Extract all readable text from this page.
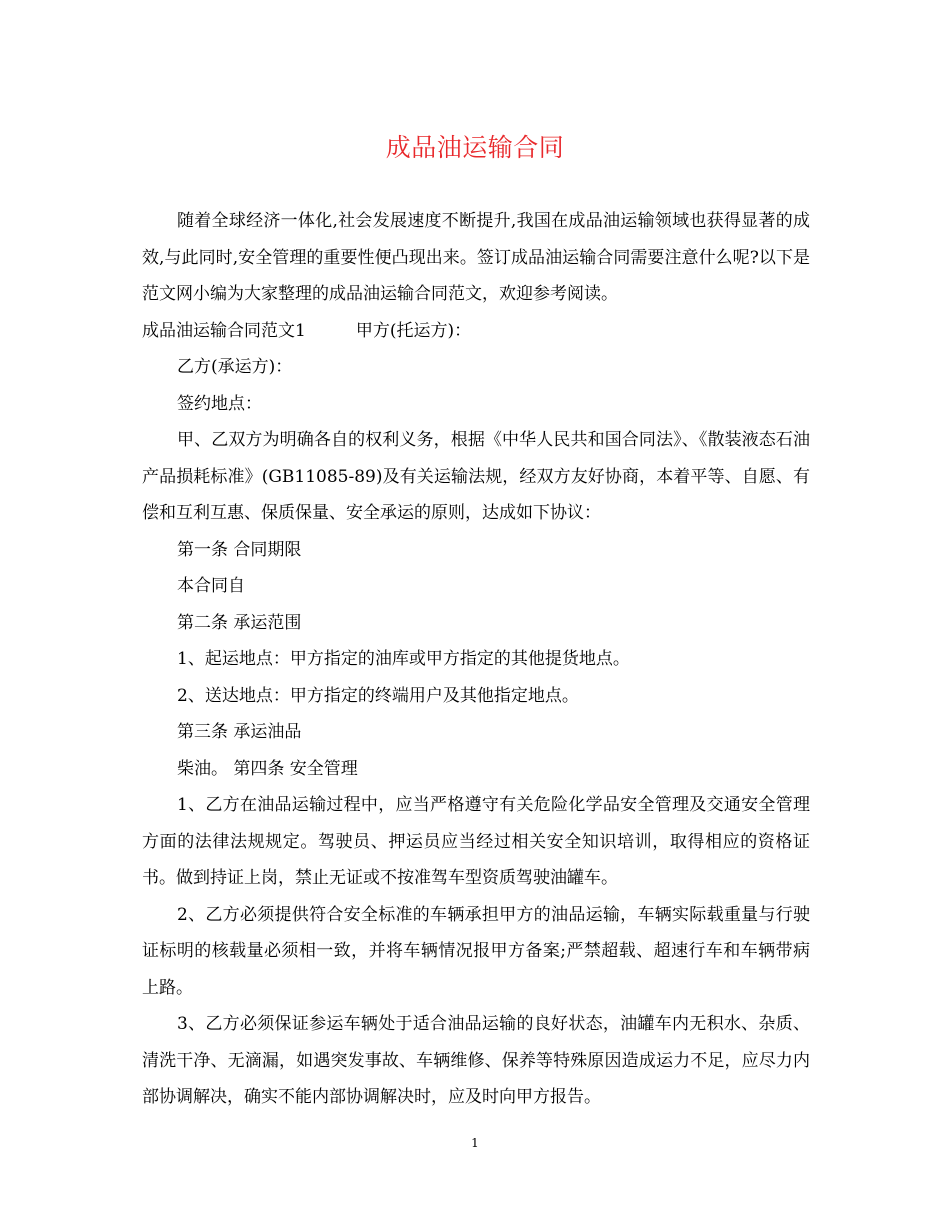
成品油运输合同

随着全球经济一体化,社会发展速度不断提升,我国在成品油运输领域也获得显著的成效,与此同时,安全管理的重要性便凸现出来。签订成品油运输合同需要注意什么呢?以下是范文网小编为大家整理的成品油运输合同范文，欢迎参考阅读。

成品油运输合同范文1	甲方(托运方)：

乙方(承运方)：

签约地点：

甲、乙双方为明确各自的权利义务，根据《中华人民共和国合同法》、《散装液态石油产品损耗标准》(GB11085-89)及有关运输法规，经双方友好协商，本着平等、自愿、有偿和互利互惠、保质保量、安全承运的原则，达成如下协议：

第一条 合同期限

本合同自

第二条 承运范围

1、起运地点：甲方指定的油库或甲方指定的其他提货地点。

2、送达地点：甲方指定的终端用户及其他指定地点。

第三条 承运油品

柴油。 第四条 安全管理

1、乙方在油品运输过程中，应当严格遵守有关危险化学品安全管理及交通安全管理方面的法律法规规定。驾驶员、押运员应当经过相关安全知识培训，取得相应的资格证书。做到持证上岗，禁止无证或不按准驾车型资质驾驶油罐车。

2、乙方必须提供符合安全标准的车辆承担甲方的油品运输，车辆实际载重量与行驶证标明的核载量必须相一致，并将车辆情况报甲方备案;严禁超载、超速行车和车辆带病上路。

3、乙方必须保证参运车辆处于适合油品运输的良好状态，油罐车内无积水、杂质、清洗干净、无滴漏，如遇突发事故、车辆维修、保养等特殊原因造成运力不足，应尽力内部协调解决，确实不能内部协调解决时，应及时向甲方报告。

1
